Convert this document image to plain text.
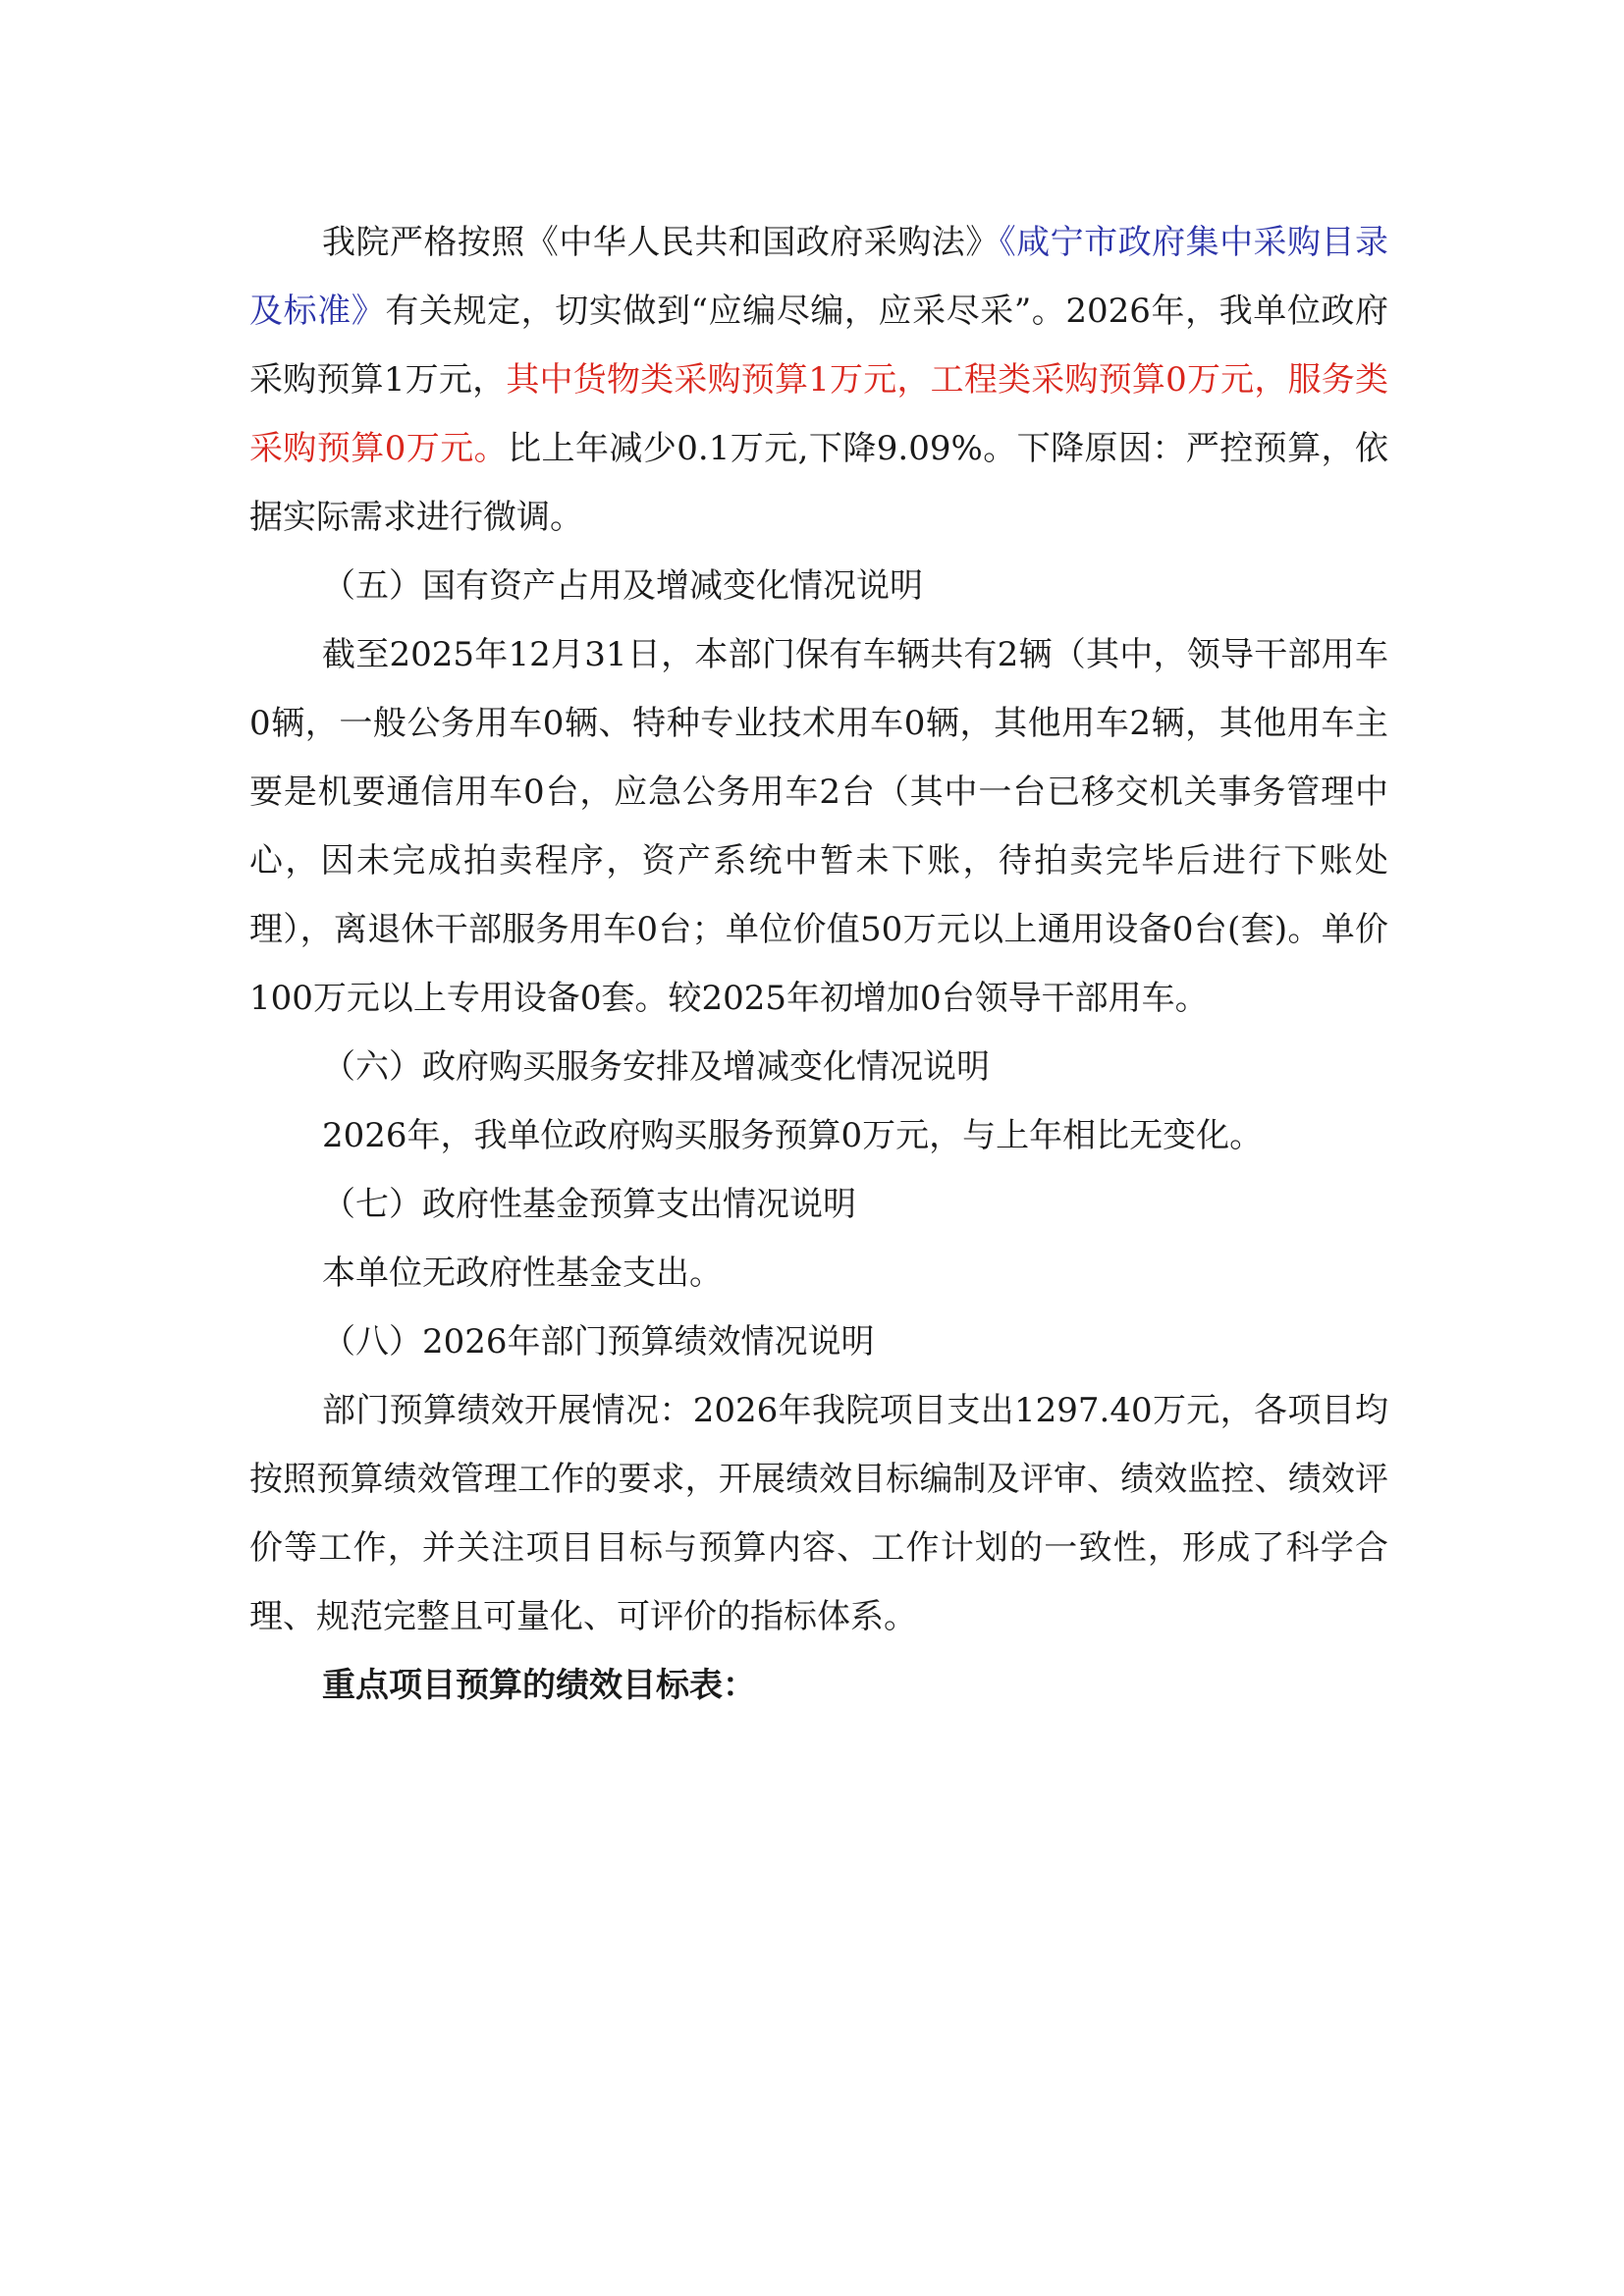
我院严格按照《中华人民共和国政府采购法》《咸宁市政府集中采购目录及标准》有关规定，切实做到“应编尽编，应采尽采”。2026年，我单位政府采购预算1万元，其中货物类采购预算1万元，工程类采购预算0万元，服务类采购预算0万元。比上年减少0.1万元,下降9.09%。下降原因：严控预算，依据实际需求进行微调。

（五）国有资产占用及增减变化情况说明

截至2025年12月31日，本部门保有车辆共有2辆（其中，领导干部用车0辆，一般公务用车0辆、特种专业技术用车0辆，其他用车2辆，其他用车主要是机要通信用车0台，应急公务用车2台（其中一台已移交机关事务管理中心，因未完成拍卖程序，资产系统中暂未下账，待拍卖完毕后进行下账处理），离退休干部服务用车0台；单位价值50万元以上通用设备0台(套)。单价100万元以上专用设备0套。较2025年初增加0台领导干部用车。

（六）政府购买服务安排及增减变化情况说明

2026年，我单位政府购买服务预算0万元，与上年相比无变化。

（七）政府性基金预算支出情况说明

本单位无政府性基金支出。

（八）2026年部门预算绩效情况说明

部门预算绩效开展情况：2026年我院项目支出1297.40万元，各项目均按照预算绩效管理工作的要求，开展绩效目标编制及评审、绩效监控、绩效评价等工作，并关注项目目标与预算内容、工作计划的一致性，形成了科学合理、规范完整且可量化、可评价的指标体系。

重点项目预算的绩效目标表：
